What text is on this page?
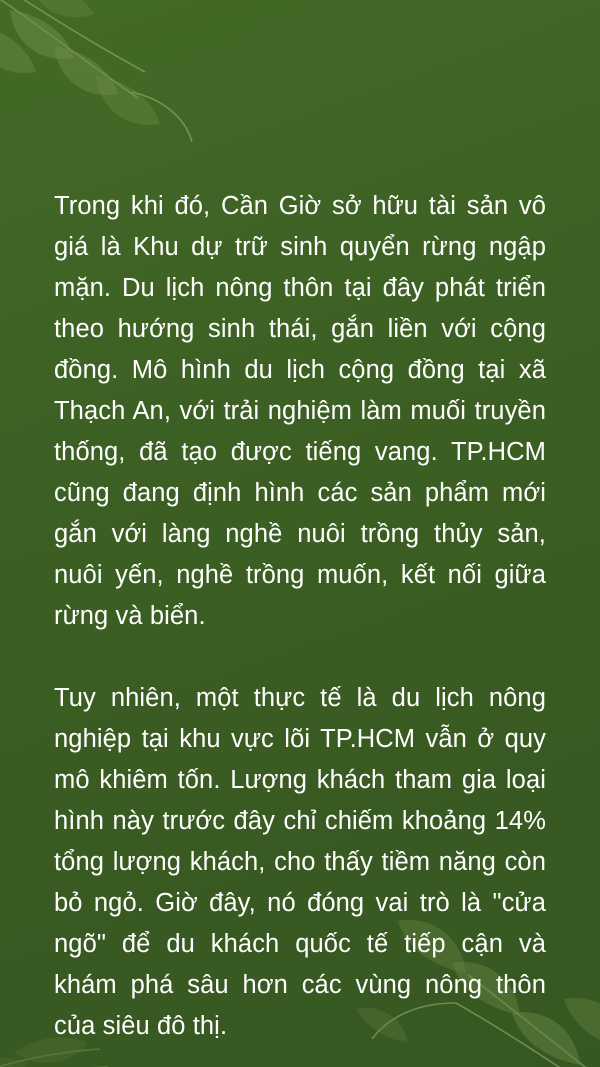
Trong khi đó, Cần Giờ sở hữu tài sản vô giá là Khu dự trữ sinh quyển rừng ngập mặn. Du lịch nông thôn tại đây phát triển theo hướng sinh thái, gắn liền với cộng đồng. Mô hình du lịch cộng đồng tại xã Thạch An, với trải nghiệm làm muối truyền thống, đã tạo được tiếng vang. TP.HCM cũng đang định hình các sản phẩm mới gắn với làng nghề nuôi trồng thủy sản, nuôi yến, nghề trồng muốn, kết nối giữa rừng và biển.

Tuy nhiên, một thực tế là du lịch nông nghiệp tại khu vực lõi TP.HCM vẫn ở quy mô khiêm tốn. Lượng khách tham gia loại hình này trước đây chỉ chiếm khoảng 14% tổng lượng khách, cho thấy tiềm năng còn bỏ ngỏ. Giờ đây, nó đóng vai trò là "cửa ngõ" để du khách quốc tế tiếp cận và khám phá sâu hơn các vùng nông thôn của siêu đô thị.
